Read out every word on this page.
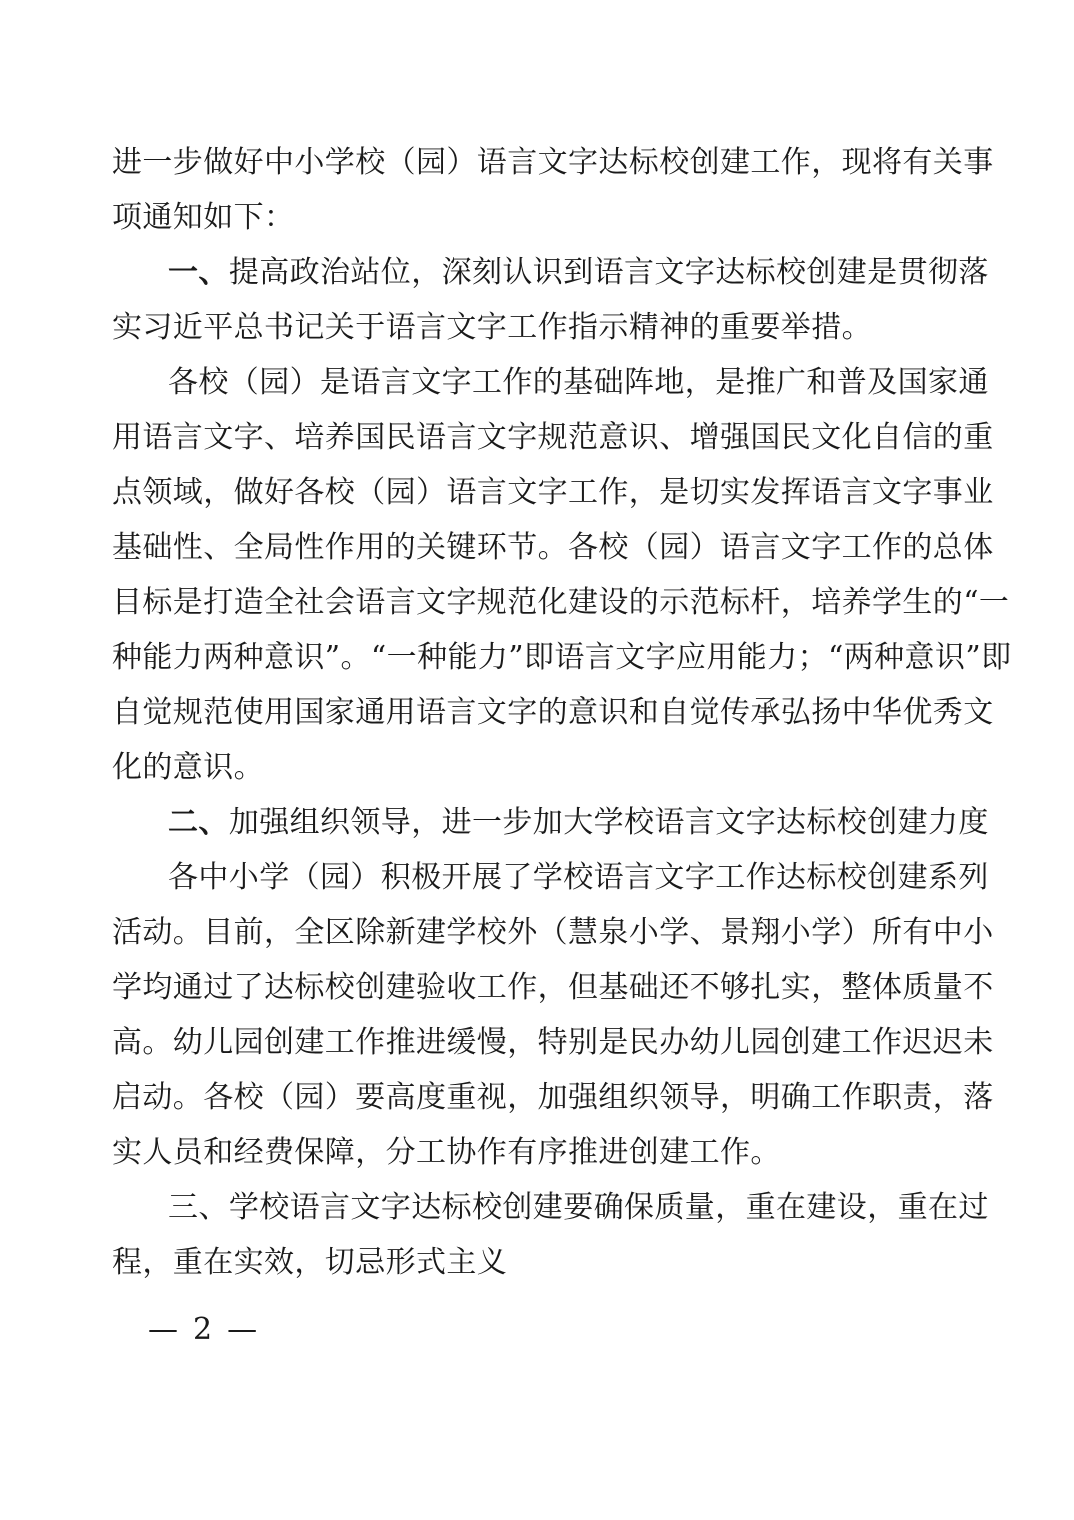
进一步做好中小学校（园）语言文字达标校创建工作，现将有关事
项通知如下：
一、提高政治站位，深刻认识到语言文字达标校创建是贯彻落
实习近平总书记关于语言文字工作指示精神的重要举措。
各校（园）是语言文字工作的基础阵地，是推广和普及国家通
用语言文字、培养国民语言文字规范意识、增强国民文化自信的重
点领域，做好各校（园）语言文字工作，是切实发挥语言文字事业
基础性、全局性作用的关键环节。各校（园）语言文字工作的总体
目标是打造全社会语言文字规范化建设的示范标杆，培养学生的“一
种能力两种意识”。“一种能力”即语言文字应用能力；“两种意识”即
自觉规范使用国家通用语言文字的意识和自觉传承弘扬中华优秀文
化的意识。
二、加强组织领导，进一步加大学校语言文字达标校创建力度
各中小学（园）积极开展了学校语言文字工作达标校创建系列
活动。目前，全区除新建学校外（慧泉小学、景翔小学）所有中小
学均通过了达标校创建验收工作，但基础还不够扎实，整体质量不
高。幼儿园创建工作推进缓慢，特别是民办幼儿园创建工作迟迟未
启动。各校（园）要高度重视，加强组织领导，明确工作职责，落
实人员和经费保障，分工协作有序推进创建工作。
三、学校语言文字达标校创建要确保质量，重在建设，重在过
程，重在实效，切忌形式主义
— 2 —
